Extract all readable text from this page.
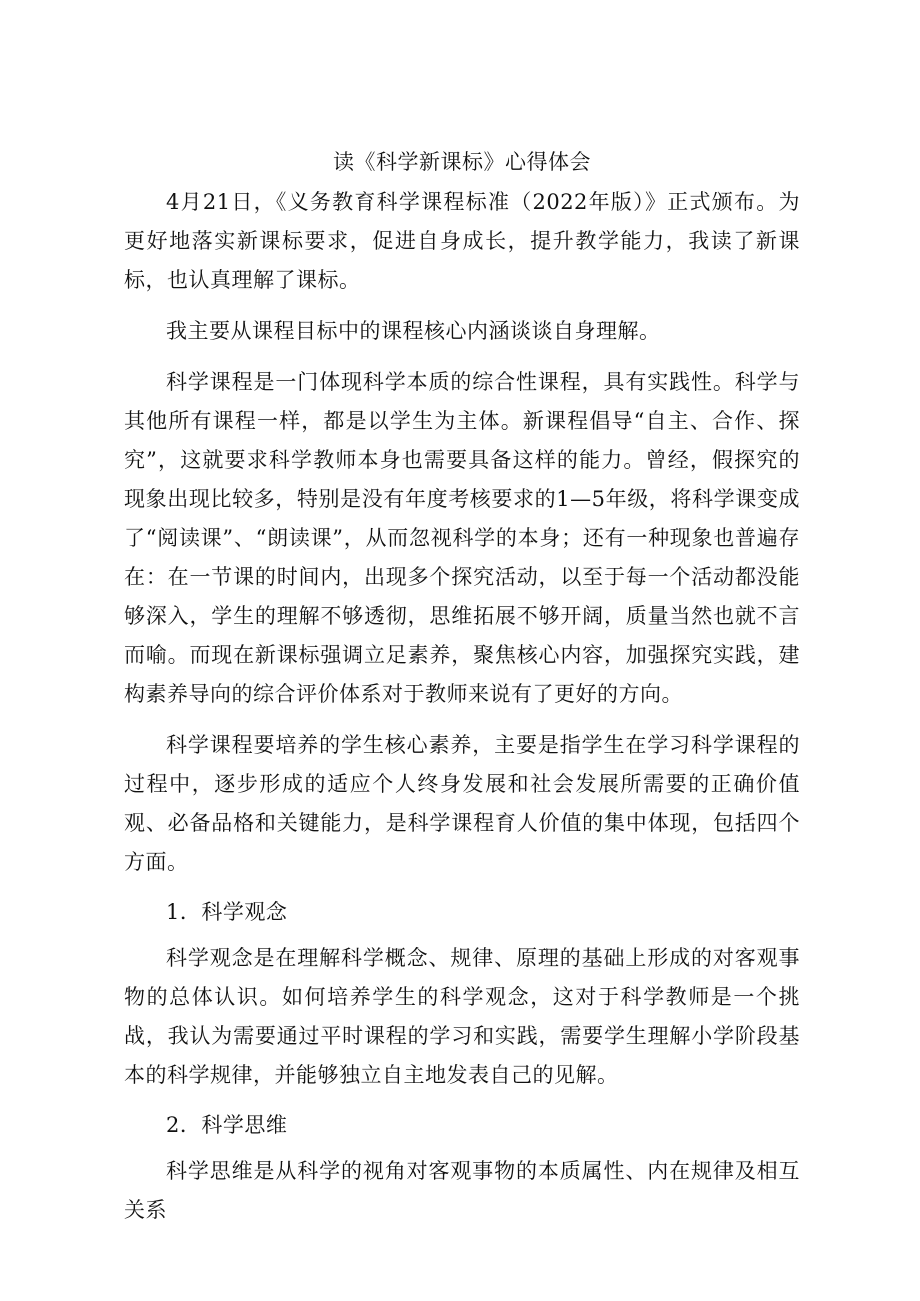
读《科学新课标》心得体会

4月21日，《义务教育科学课程标准（2022年版）》正式颁布。为更好地落实新课标要求，促进自身成长，提升教学能力，我读了新课标，也认真理解了课标。

我主要从课程目标中的课程核心内涵谈谈自身理解。

科学课程是一门体现科学本质的综合性课程，具有实践性。科学与其他所有课程一样，都是以学生为主体。新课程倡导“自主、合作、探究”，这就要求科学教师本身也需要具备这样的能力。曾经，假探究的现象出现比较多，特别是没有年度考核要求的1—5年级，将科学课变成了“阅读课”、“朗读课”，从而忽视科学的本身；还有一种现象也普遍存在：在一节课的时间内，出现多个探究活动，以至于每一个活动都没能够深入，学生的理解不够透彻，思维拓展不够开阔，质量当然也就不言而喻。而现在新课标强调立足素养，聚焦核心内容，加强探究实践，建构素养导向的综合评价体系对于教师来说有了更好的方向。

科学课程要培养的学生核心素养，主要是指学生在学习科学课程的过程中，逐步形成的适应个人终身发展和社会发展所需要的正确价值观、必备品格和关键能力，是科学课程育人价值的集中体现，包括四个方面。

1．科学观念

科学观念是在理解科学概念、规律、原理的基础上形成的对客观事物的总体认识。如何培养学生的科学观念，这对于科学教师是一个挑战，我认为需要通过平时课程的学习和实践，需要学生理解小学阶段基本的科学规律，并能够独立自主地发表自己的见解。

2．科学思维

科学思维是从科学的视角对客观事物的本质属性、内在规律及相互关系
